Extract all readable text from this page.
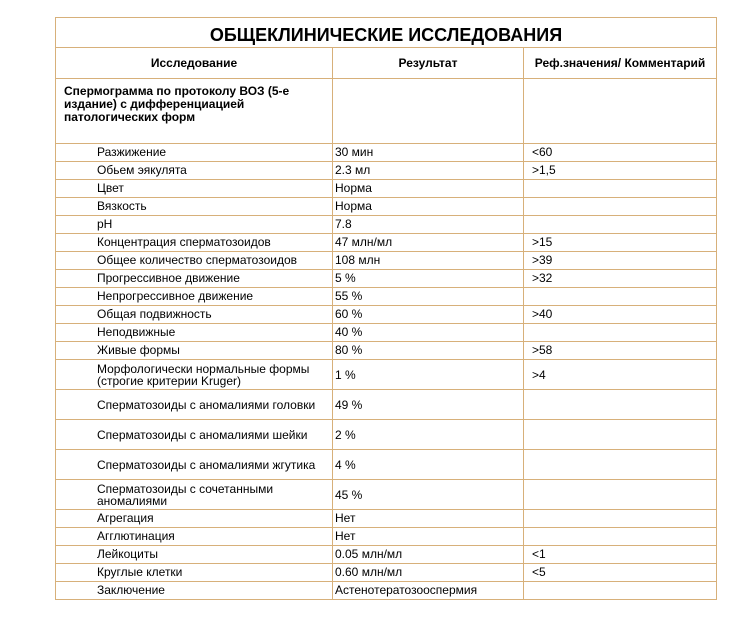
ОБЩЕКЛИНИЧЕСКИЕ ИССЛЕДОВАНИЯ		
Исследование	Результат	Реф.значения/ Комментарий
Спермограмма по протоколу ВОЗ (5-е издание) с дифференциацией патологических форм		
Разжижение	30 мин	<60
Обьем эякулята	2.3 мл	>1,5
Цвет	Норма	
Вязкость	Норма	
pH	7.8	
Концентрация сперматозоидов	47 млн/мл	>15
Общее количество сперматозоидов	108 млн	>39
Прогрессивное движение	5 %	>32
Непрогрессивное движение	55 %	
Общая подвижность	60 %	>40
Неподвижные	40 %	
Живые формы	80 %	>58
Морфологически нормальные формы (строгие критерии Kruger)	1 %	>4
Сперматозоиды с аномалиями головки	49 %	
Сперматозоиды с аномалиями шейки	2 %	
Сперматозоиды с аномалиями жгутика	4 %	
Сперматозоиды с сочетанными аномалиями	45 %	
Агрегация	Нет	
Агглютинация	Нет	
Лейкоциты	0.05 млн/мл	<1
Круглые клетки	0.60 млн/мл	<5
Заключение	Астенотератозооспермия	
